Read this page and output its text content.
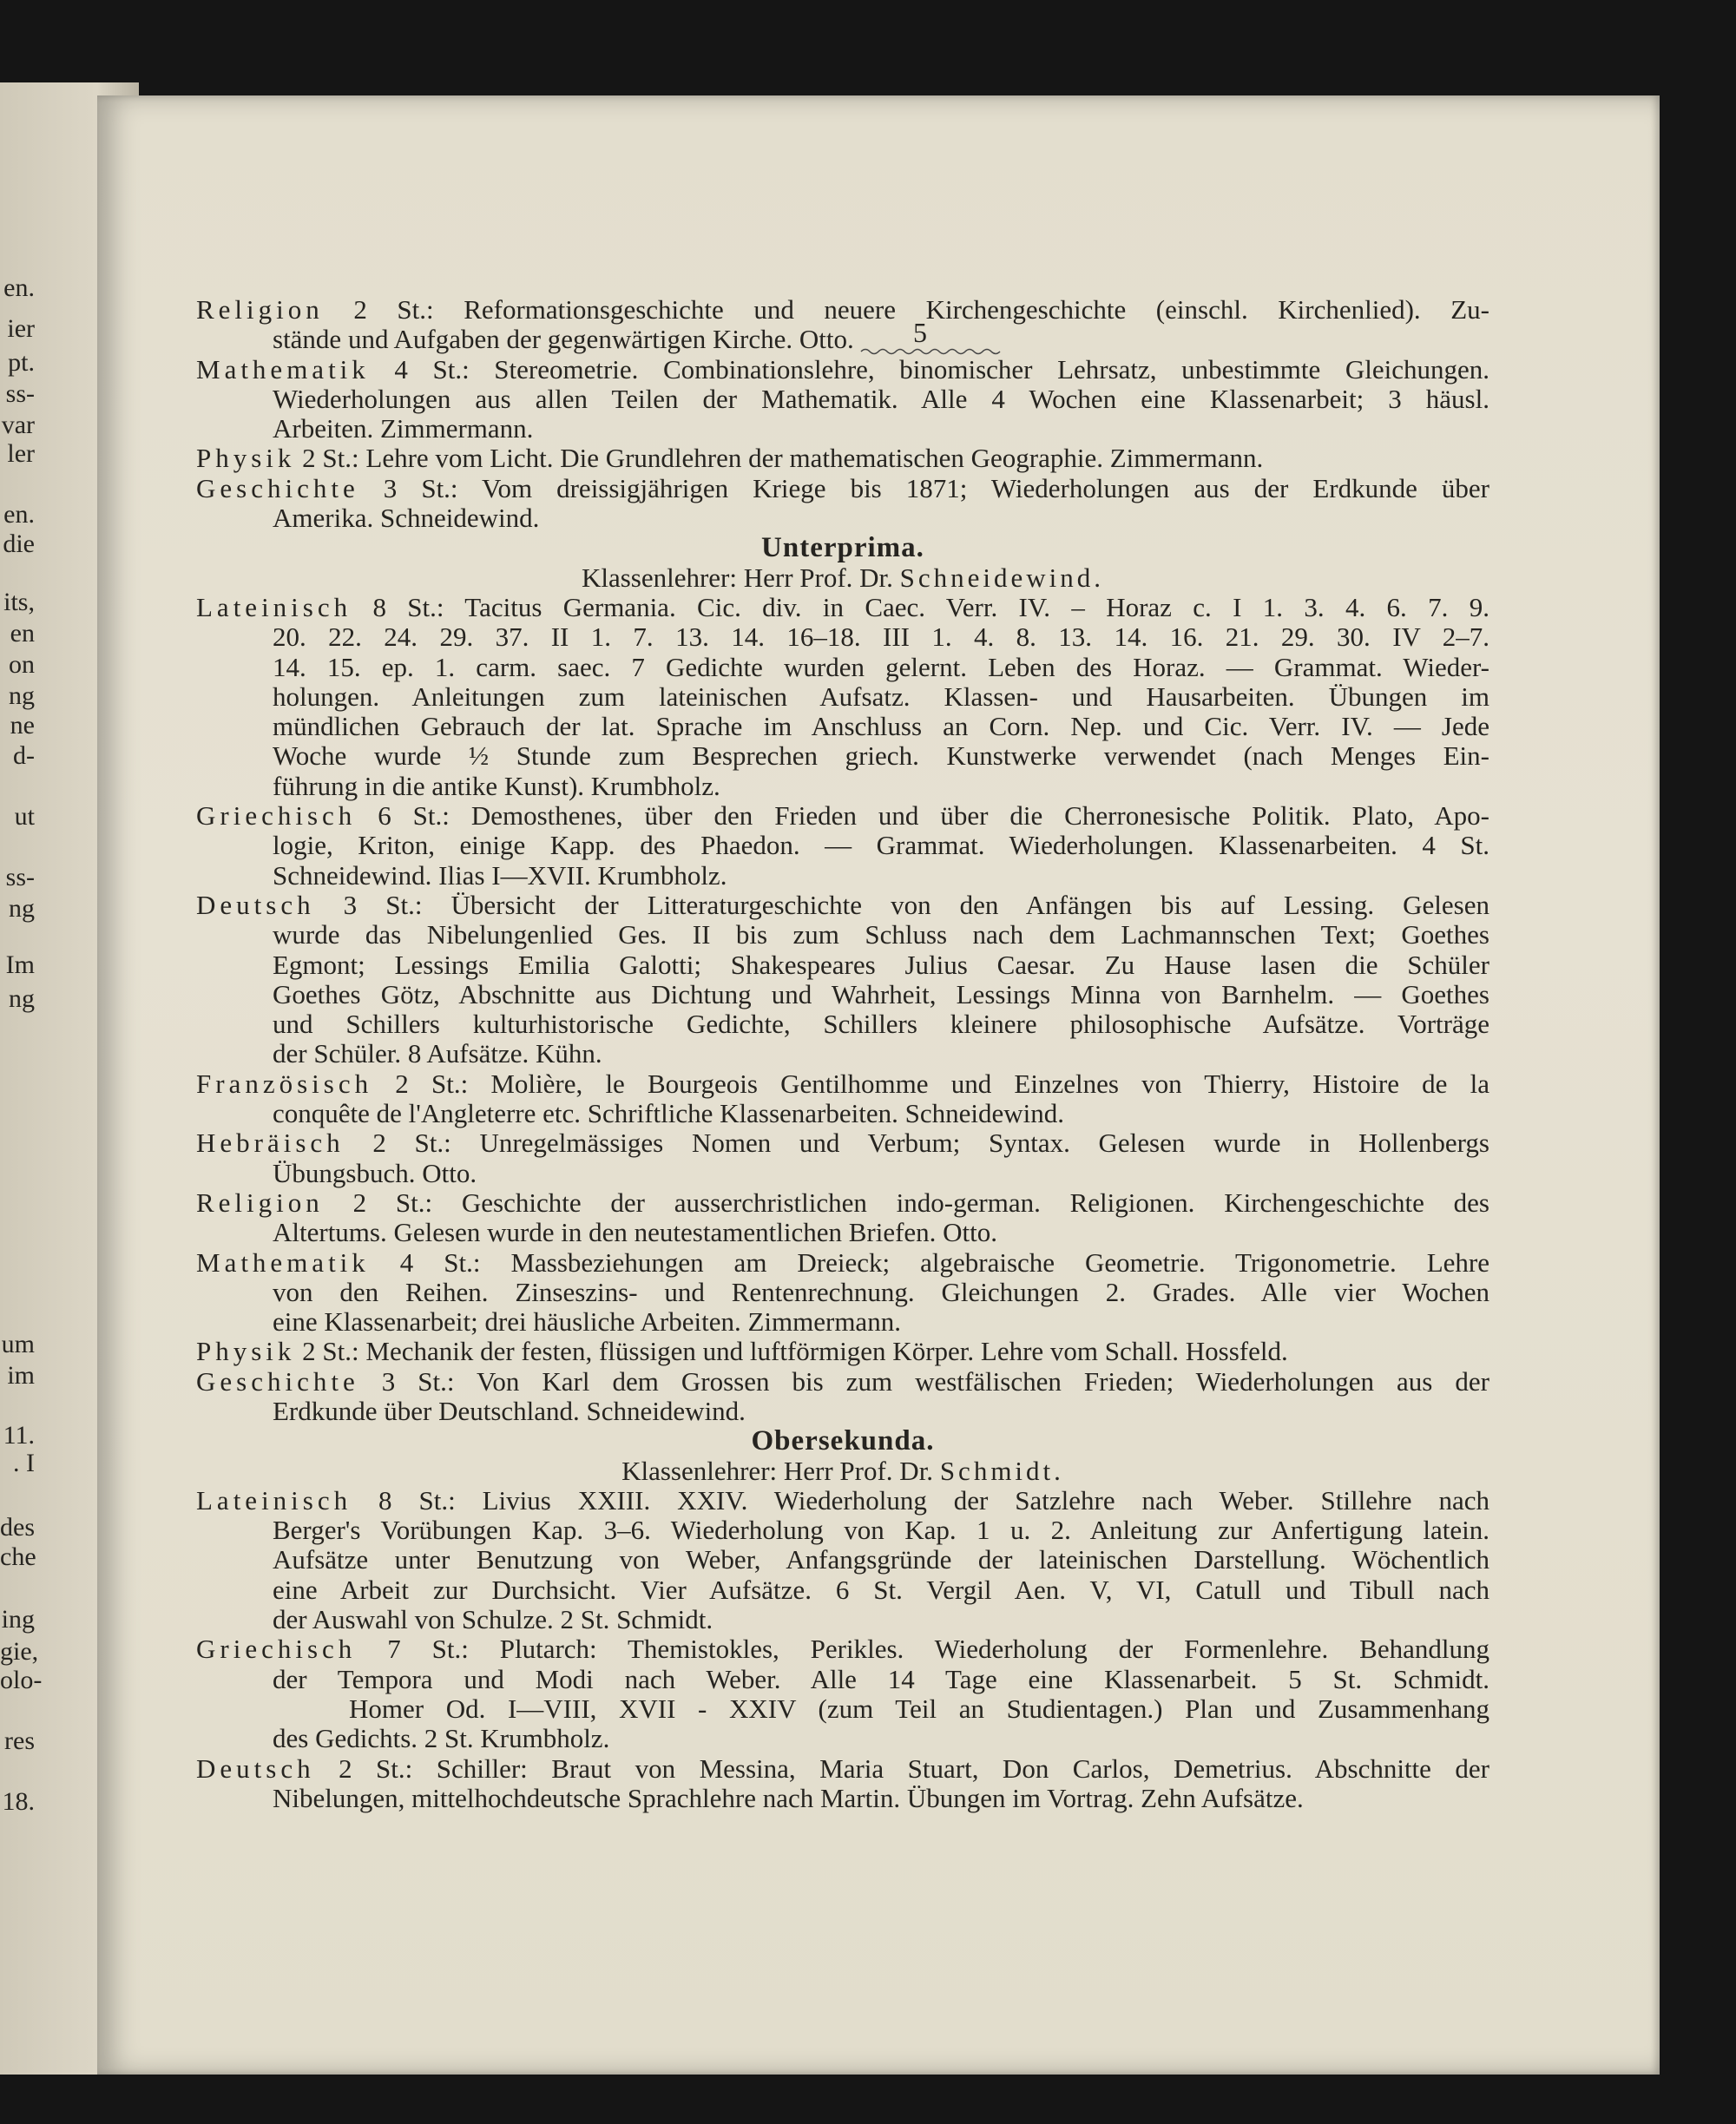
en.
ier
pt.
ss-
var
ler
en.
die
its,
en
on
ng
ne
d-
ut
ss-
ng
Im
ng
um
im
11.
. I
des
che
ing
gie,
olo-
res
18.
5
Religion 2 St.: Reformationsgeschichte und neuere Kirchengeschichte (einschl. Kirchenlied). Zu-
stände und Aufgaben der gegenwärtigen Kirche. Otto.
Mathematik 4 St.: Stereometrie. Combinationslehre, binomischer Lehrsatz, unbestimmte Gleichungen.
Wiederholungen aus allen Teilen der Mathematik. Alle 4 Wochen eine Klassenarbeit; 3 häusl.
Arbeiten. Zimmermann.
Physik 2 St.: Lehre vom Licht. Die Grundlehren der mathematischen Geographie. Zimmermann.
Geschichte 3 St.: Vom dreissigjährigen Kriege bis 1871; Wiederholungen aus der Erdkunde über
Amerika. Schneidewind.
Unterprima.
Klassenlehrer: Herr Prof. Dr. Schneidewind.
Lateinisch 8 St.: Tacitus Germania. Cic. div. in Caec. Verr. IV. – Horaz c. I 1. 3. 4. 6. 7. 9.
20. 22. 24. 29. 37. II 1. 7. 13. 14. 16–18. III 1. 4. 8. 13. 14. 16. 21. 29. 30. IV 2–7.
14. 15. ep. 1. carm. saec. 7 Gedichte wurden gelernt. Leben des Horaz. — Grammat. Wieder-
holungen. Anleitungen zum lateinischen Aufsatz. Klassen- und Hausarbeiten. Übungen im
mündlichen Gebrauch der lat. Sprache im Anschluss an Corn. Nep. und Cic. Verr. IV. — Jede
Woche wurde ½ Stunde zum Besprechen griech. Kunstwerke verwendet (nach Menges Ein-
führung in die antike Kunst). Krumbholz.
Griechisch 6 St.: Demosthenes, über den Frieden und über die Cherronesische Politik. Plato, Apo-
logie, Kriton, einige Kapp. des Phaedon. — Grammat. Wiederholungen. Klassenarbeiten. 4 St.
Schneidewind. Ilias I—XVII. Krumbholz.
Deutsch 3 St.: Übersicht der Litteraturgeschichte von den Anfängen bis auf Lessing. Gelesen
wurde das Nibelungenlied Ges. II bis zum Schluss nach dem Lachmannschen Text; Goethes
Egmont; Lessings Emilia Galotti; Shakespeares Julius Caesar. Zu Hause lasen die Schüler
Goethes Götz, Abschnitte aus Dichtung und Wahrheit, Lessings Minna von Barnhelm. — Goethes
und Schillers kulturhistorische Gedichte, Schillers kleinere philosophische Aufsätze. Vorträge
der Schüler. 8 Aufsätze. Kühn.
Französisch 2 St.: Molière, le Bourgeois Gentilhomme und Einzelnes von Thierry, Histoire de la
conquête de l'Angleterre etc. Schriftliche Klassenarbeiten. Schneidewind.
Hebräisch 2 St.: Unregelmässiges Nomen und Verbum; Syntax. Gelesen wurde in Hollenbergs
Übungsbuch. Otto.
Religion 2 St.: Geschichte der ausserchristlichen indo-german. Religionen. Kirchengeschichte des
Altertums. Gelesen wurde in den neutestamentlichen Briefen. Otto.
Mathematik 4 St.: Massbeziehungen am Dreieck; algebraische Geometrie. Trigonometrie. Lehre
von den Reihen. Zinseszins- und Rentenrechnung. Gleichungen 2. Grades. Alle vier Wochen
eine Klassenarbeit; drei häusliche Arbeiten. Zimmermann.
Physik 2 St.: Mechanik der festen, flüssigen und luftförmigen Körper. Lehre vom Schall. Hossfeld.
Geschichte 3 St.: Von Karl dem Grossen bis zum westfälischen Frieden; Wiederholungen aus der
Erdkunde über Deutschland. Schneidewind.
Obersekunda.
Klassenlehrer: Herr Prof. Dr. Schmidt.
Lateinisch 8 St.: Livius XXIII. XXIV. Wiederholung der Satzlehre nach Weber. Stillehre nach
Berger's Vorübungen Kap. 3–6. Wiederholung von Kap. 1 u. 2. Anleitung zur Anfertigung latein.
Aufsätze unter Benutzung von Weber, Anfangsgründe der lateinischen Darstellung. Wöchentlich
eine Arbeit zur Durchsicht. Vier Aufsätze. 6 St. Vergil Aen. V, VI, Catull und Tibull nach
der Auswahl von Schulze. 2 St. Schmidt.
Griechisch 7 St.: Plutarch: Themistokles, Perikles. Wiederholung der Formenlehre. Behandlung
der Tempora und Modi nach Weber. Alle 14 Tage eine Klassenarbeit. 5 St. Schmidt.
Homer Od. I—VIII, XVII - XXIV (zum Teil an Studientagen.) Plan und Zusammenhang
des Gedichts. 2 St. Krumbholz.
Deutsch 2 St.: Schiller: Braut von Messina, Maria Stuart, Don Carlos, Demetrius. Abschnitte der
Nibelungen, mittelhochdeutsche Sprachlehre nach Martin. Übungen im Vortrag. Zehn Aufsätze.
